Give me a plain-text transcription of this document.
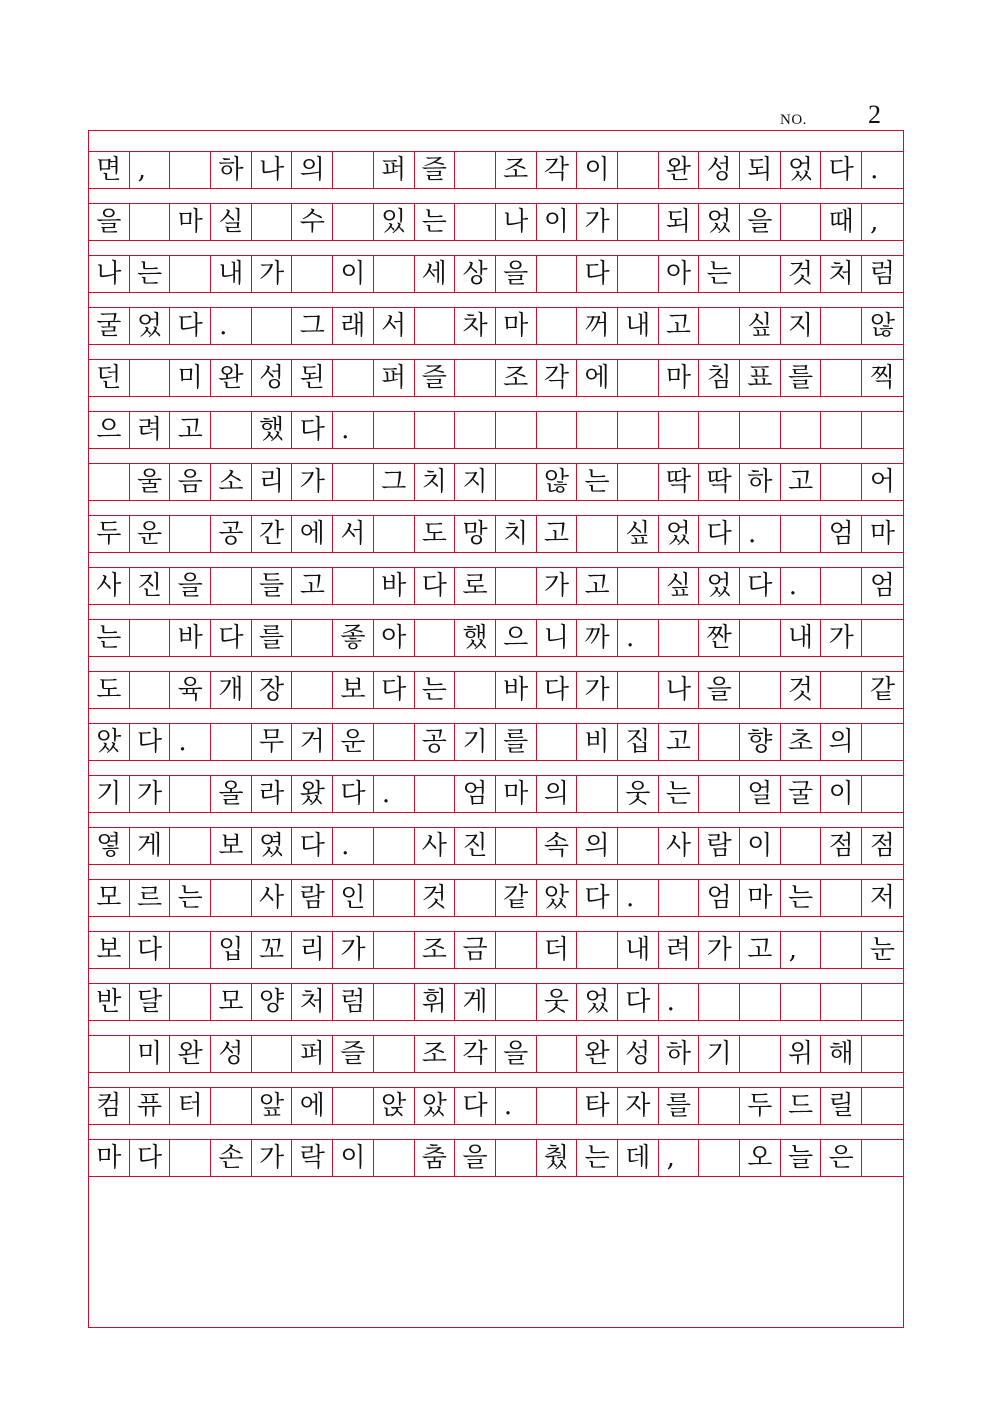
NO. 2
면 ,	하 나 의	퍼 즐	조 각 이	완 성 되 었 다 .
을	마 실	수	있 는	나 이 가	되 었 을	때 ,
나 는	내 가	이	세 상 을	다	아 는	것 처 럼
굴 었 다 .	그 래 서	차 마	꺼 내 고	싶 지	않
던	미 완 성 된	퍼 즐	조 각 에	마 침 표 를	찍
으 려 고	했 다 .
울 음 소 리 가	그 치 지	않 는	딱 딱 하 고	어
두 운	공 간 에 서	도 망 치 고	싶 었 다 .	엄 마
사 진 을	들 고	바 다 로	가 고	싶 었 다 .	엄
는	바 다 를	좋 아	했 으 니 까 .	짠	내 가
도	육 개 장	보 다 는	바 다 가	나 을	것	같
았 다 .	무 거 운	공 기 를	비 집 고	향 초 의
기 가	올 라 왔 다 .	엄 마 의	웃 는	얼 굴 이
옇 게	보 였 다 .	사 진	속 의	사 람 이	점 점
모 르 는	사 람 인	것	같 았 다 .	엄 마 는	저
보 다	입 꼬 리 가	조 금	더	내 려 가 고 ,	눈
반 달	모 양 처 럼	휘 게	웃 었 다 .
미 완 성	퍼 즐	조 각 을	완 성 하 기	위 해
컴 퓨 터	앞 에	앉 았 다 .	타 자 를	두 드 릴
마 다	손 가 락 이	춤 을	췄 는 데 ,	오 늘 은
